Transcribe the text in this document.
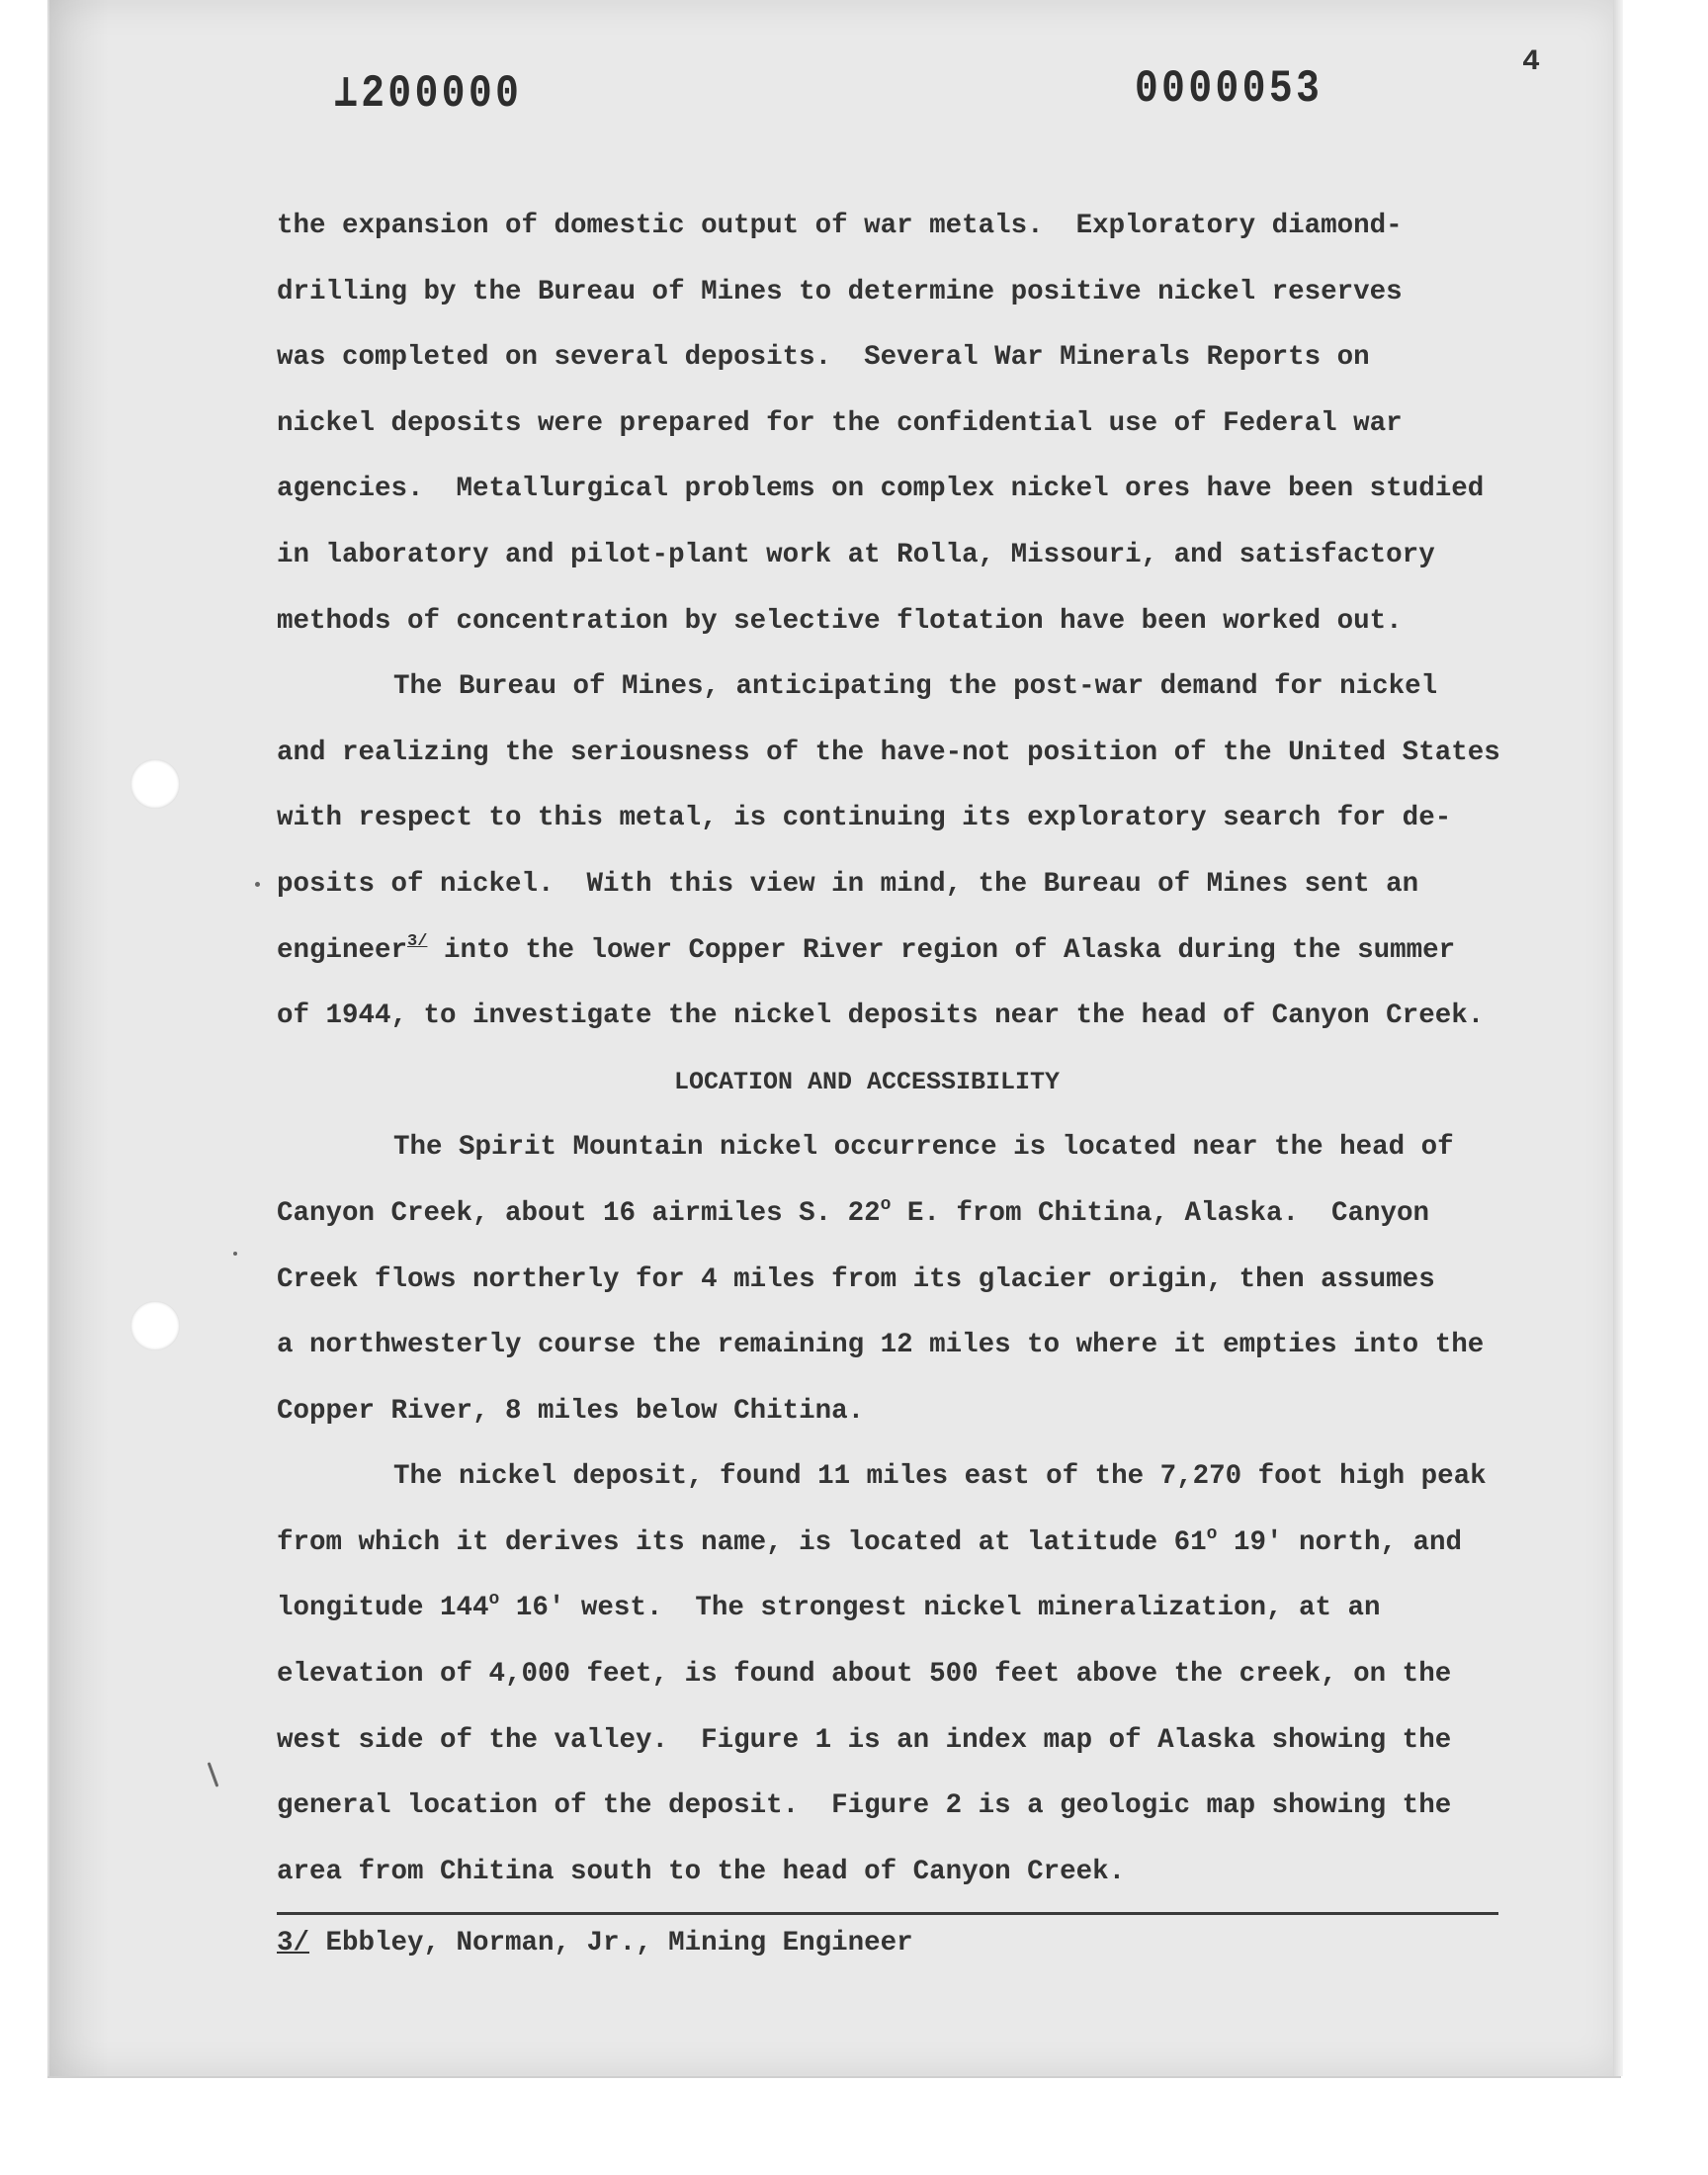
⊥200000	0000053
4
the expansion of domestic output of war metals.  Exploratory diamond-
drilling by the Bureau of Mines to determine positive nickel reserves
was completed on several deposits.  Several War Minerals Reports on
nickel deposits were prepared for the confidential use of Federal war
agencies.  Metallurgical problems on complex nickel ores have been studied
in laboratory and pilot-plant work at Rolla, Missouri, and satisfactory
methods of concentration by selective flotation have been worked out.
The Bureau of Mines, anticipating the post-war demand for nickel
and realizing the seriousness of the have-not position of the United States
with respect to this metal, is continuing its exploratory search for de-
posits of nickel.  With this view in mind, the Bureau of Mines sent an
engineer$^{3/}$ into the lower Copper River region of Alaska during the summer
of 1944, to investigate the nickel deposits near the head of Canyon Creek.
LOCATION AND ACCESSIBILITY
The Spirit Mountain nickel occurrence is located near the head of
Canyon Creek, about 16 airmiles S. 22$^o$ E. from Chitina, Alaska.  Canyon
Creek flows northerly for 4 miles from its glacier origin, then assumes
a northwesterly course the remaining 12 miles to where it empties into the
Copper River, 8 miles below Chitina.
The nickel deposit, found 11 miles east of the 7,270 foot high peak
from which it derives its name, is located at latitude 61$^o$ 19' north, and
longitude 144$^o$ 16' west.  The strongest nickel mineralization, at an
elevation of 4,000 feet, is found about 500 feet above the creek, on the
west side of the valley.  Figure 1 is an index map of Alaska showing the
general location of the deposit.  Figure 2 is a geologic map showing the
area from Chitina south to the head of Canyon Creek.
3/ Ebbley, Norman, Jr., Mining Engineer
